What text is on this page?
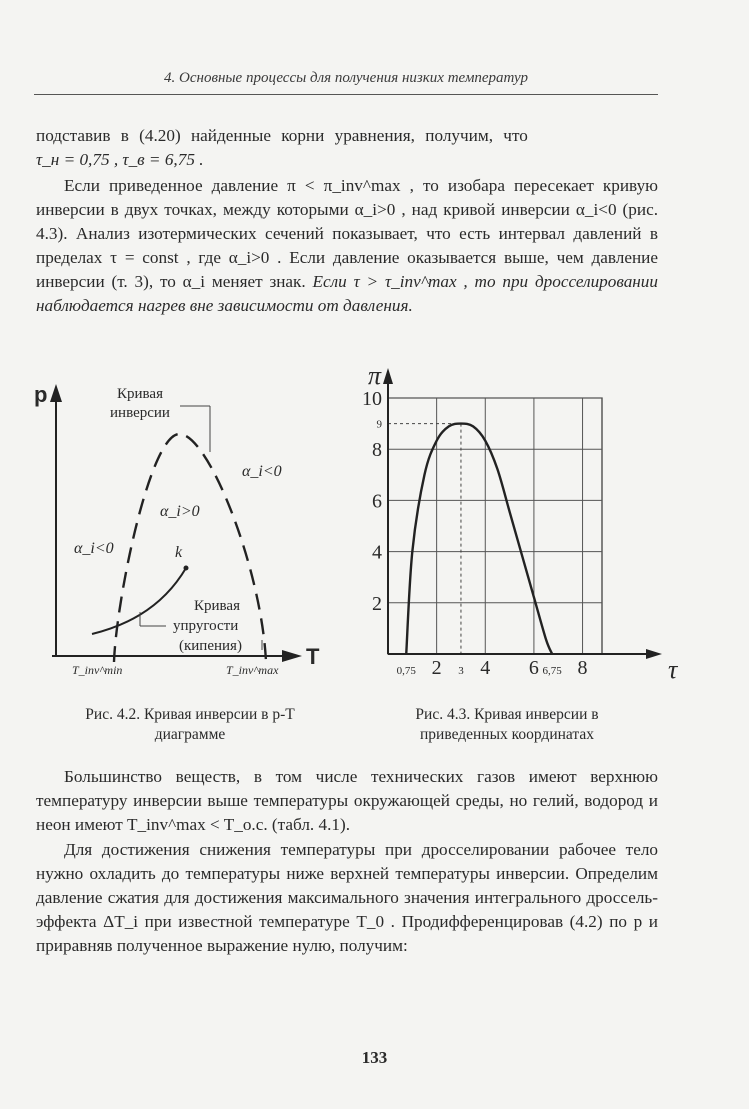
4. Основные процессы для получения низких температур

подставив в (4.20) найденные корни уравнения, получим, что

τ_н = 0,75 , τ_в = 6,75 .

Если приведенное давление π < π_inv^max , то изобара пересекает кривую инверсии в двух точках, между которыми α_i>0 , над кривой инверсии α_i<0 (рис. 4.3). Анализ изотермических сечений показывает, что есть интервал давлений в пределах τ = const , где α_i>0 . Если давление оказывается выше, чем давление инверсии (т. 3), то α_i меняет знак. Если τ > τ_inv^max , то при дросселировании наблюдается нагрев вне зависимости от давления.

p
T
Кривая
инверсии
α_i<0
α_i>0
α_i<0	k
Кривая
упругости
(кипения)
T_inv^min	T_inv^max
Рис. 4.2. Кривая инверсии в p-T
диаграмме
0,75 2 3 4 6 6,75 8
2
4
6
8
9
10
τ
π
Рис. 4.3. Кривая инверсии в
приведенных координатах

Большинство веществ, в том числе технических газов имеют верхнюю температуру инверсии выше температуры окружающей среды, но гелий, водород и неон имеют T_inv^max < T_о.с. (табл. 4.1).

Для достижения снижения температуры при дросселировании рабочее тело нужно охладить до температуры ниже верхней температуры инверсии. Определим давление сжатия для достижения максимального значения интегрального дроссель-эффекта ΔT_i при известной температуре T_0 . Продифференцировав (4.2) по p и приравняв полученное выражение нулю, получим:

133
